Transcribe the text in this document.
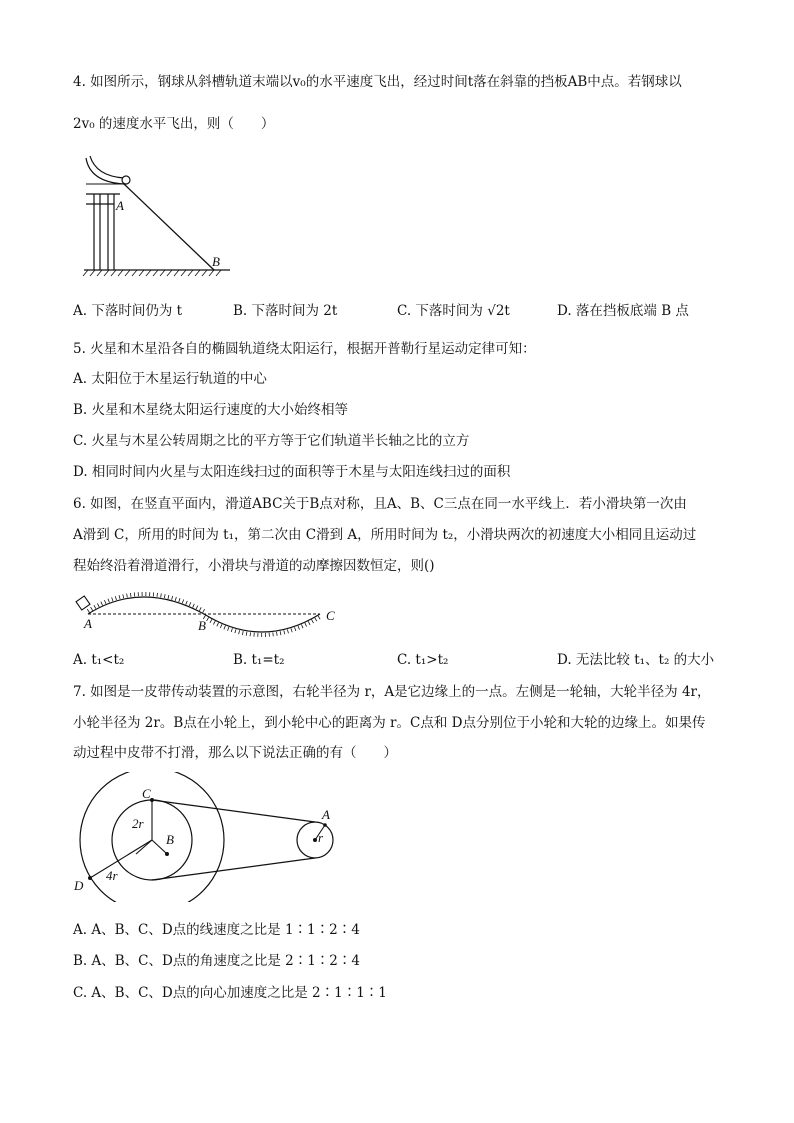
4. 如图所示，钢球从斜槽轨道末端以v₀的水平速度飞出，经过时间t落在斜靠的挡板AB中点。若钢球以
2v₀ 的速度水平飞出，则（　　）
A
B
A. 下落时间仍为 t	B. 下落时间为 2t	C. 下落时间为 √2t	D. 落在挡板底端 B 点
5. 火星和木星沿各自的椭圆轨道绕太阳运行，根据开普勒行星运动定律可知：
A. 太阳位于木星运行轨道的中心
B. 火星和木星绕太阳运行速度的大小始终相等
C. 火星与木星公转周期之比的平方等于它们轨道半长轴之比的立方
D. 相同时间内火星与太阳连线扫过的面积等于木星与太阳连线扫过的面积
6. 如图，在竖直平面内，滑道ABC关于B点对称，且A、B、C三点在同一水平线上．若小滑块第一次由
A滑到 C，所用的时间为 t₁，第二次由 C滑到 A，所用时间为 t₂，小滑块两次的初速度大小相同且运动过
程始终沿着滑道滑行，小滑块与滑道的动摩擦因数恒定，则()
A	B
C
A. t₁<t₂	B. t₁=t₂	C. t₁>t₂	D. 无法比较 t₁、t₂ 的大小
7. 如图是一皮带传动装置的示意图，右轮半径为 r，A是它边缘上的一点。左侧是一轮轴，大轮半径为 4r，
小轮半径为 2r。B点在小轮上，到小轮中心的距离为 r。C点和 D点分别位于小轮和大轮的边缘上。如果传
动过程中皮带不打滑，那么以下说法正确的有（　　）
C
2r
B
4r
D
A
r
A. A、B、C、D点的线速度之比是 1∶1∶2∶4
B. A、B、C、D点的角速度之比是 2∶1∶2∶4
C. A、B、C、D点的向心加速度之比是 2∶1∶1∶1
